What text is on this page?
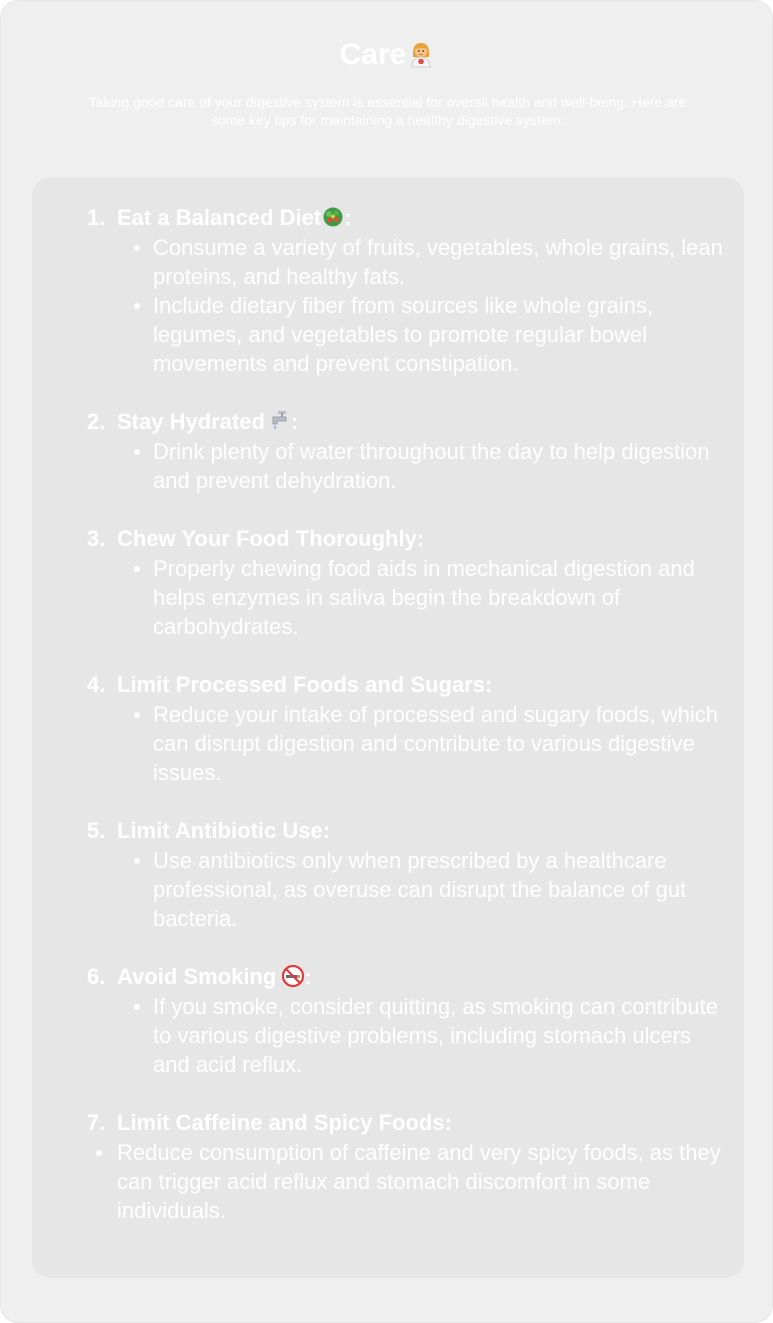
Care
Taking good care of your digestive system is essential for overall health and well-being. Here are some key tips for maintaining a healthy digestive system:
1. Eat a Balanced Diet :
Consume a variety of fruits, vegetables, whole grains, lean proteins, and healthy fats.
Include dietary fiber from sources like whole grains, legumes, and vegetables to promote regular bowel movements and prevent constipation.
2. Stay Hydrated :
Drink plenty of water throughout the day to help digestion and prevent dehydration.
3. Chew Your Food Thoroughly:
Properly chewing food aids in mechanical digestion and helps enzymes in saliva begin the breakdown of carbohydrates.
4. Limit Processed Foods and Sugars:
Reduce your intake of processed and sugary foods, which can disrupt digestion and contribute to various digestive issues.
5. Limit Antibiotic Use:
Use antibiotics only when prescribed by a healthcare professional, as overuse can disrupt the balance of gut bacteria.
6. Avoid Smoking :
If you smoke, consider quitting, as smoking can contribute to various digestive problems, including stomach ulcers and acid reflux.
7. Limit Caffeine and Spicy Foods:
Reduce consumption of caffeine and very spicy foods, as they can trigger acid reflux and stomach discomfort in some individuals.
